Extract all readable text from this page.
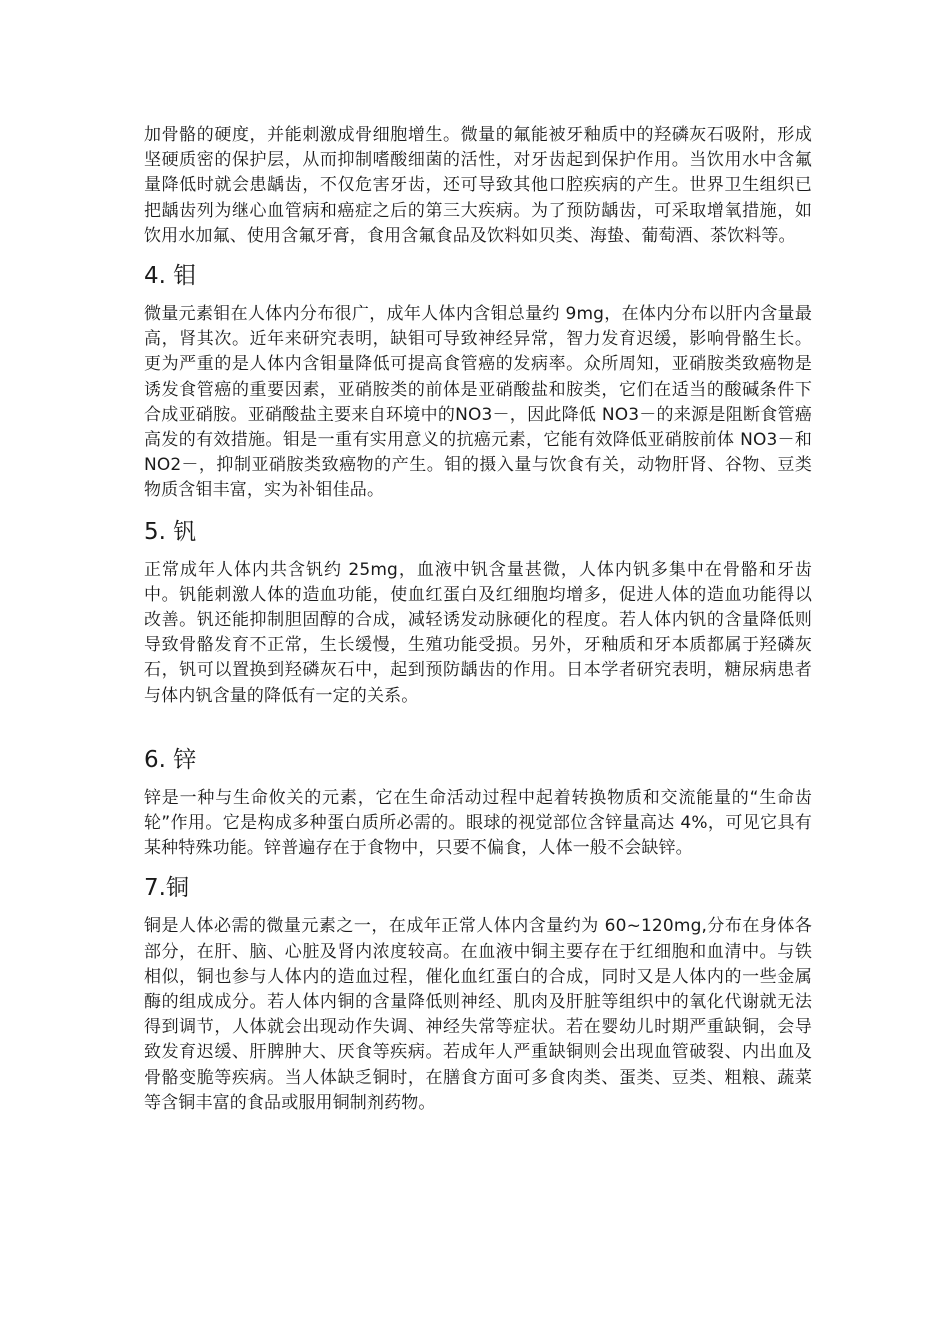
加骨骼的硬度，并能刺激成骨细胞增生。微量的氟能被牙釉质中的羟磷灰石吸附，形成坚硬质密的保护层，从而抑制嗜酸细菌的活性，对牙齿起到保护作用。当饮用水中含氟量降低时就会患龋齿，不仅危害牙齿，还可导致其他口腔疾病的产生。世界卫生组织已把龋齿列为继心血管病和癌症之后的第三大疾病。为了预防龋齿，可采取增氧措施，如饮用水加氟、使用含氟牙膏，食用含氟食品及饮料如贝类、海蛰、葡萄酒、茶饮料等。

4. 钼

微量元素钼在人体内分布很广，成年人体内含钼总量约 9mg，在体内分布以肝内含量最高，肾其次。近年来研究表明，缺钼可导致神经异常，智力发育迟缓，影响骨骼生长。更为严重的是人体内含钼量降低可提高食管癌的发病率。众所周知，亚硝胺类致癌物是诱发食管癌的重要因素，亚硝胺类的前体是亚硝酸盐和胺类，它们在适当的酸碱条件下合成亚硝胺。亚硝酸盐主要来自环境中的NO3－，因此降低 NO3－的来源是阻断食管癌高发的有效措施。钼是一重有实用意义的抗癌元素，它能有效降低亚硝胺前体 NO3－和 NO2－，抑制亚硝胺类致癌物的产生。钼的摄入量与饮食有关，动物肝肾、谷物、豆类物质含钼丰富，实为补钼佳品。

5. 钒

正常成年人体内共含钒约 25mg，血液中钒含量甚微，人体内钒多集中在骨骼和牙齿中。钒能刺激人体的造血功能，使血红蛋白及红细胞均增多，促进人体的造血功能得以改善。钒还能抑制胆固醇的合成，减轻诱发动脉硬化的程度。若人体内钒的含量降低则导致骨骼发育不正常，生长缓慢，生殖功能受损。另外，牙釉质和牙本质都属于羟磷灰石，钒可以置换到羟磷灰石中，起到预防龋齿的作用。日本学者研究表明，糖尿病患者与体内钒含量的降低有一定的关系。

6. 锌

锌是一种与生命攸关的元素，它在生命活动过程中起着转换物质和交流能量的“生命齿轮”作用。它是构成多种蛋白质所必需的。眼球的视觉部位含锌量高达 4%，可见它具有某种特殊功能。锌普遍存在于食物中，只要不偏食，人体一般不会缺锌。

7.铜

铜是人体必需的微量元素之一，在成年正常人体内含量约为 60~120mg,分布在身体各部分，在肝、脑、心脏及肾内浓度较高。在血液中铜主要存在于红细胞和血清中。与铁相似，铜也参与人体内的造血过程，催化血红蛋白的合成，同时又是人体内的一些金属酶的组成成分。若人体内铜的含量降低则神经、肌肉及肝脏等组织中的氧化代谢就无法得到调节，人体就会出现动作失调、神经失常等症状。若在婴幼儿时期严重缺铜，会导致发育迟缓、肝脾肿大、厌食等疾病。若成年人严重缺铜则会出现血管破裂、内出血及骨骼变脆等疾病。当人体缺乏铜时，在膳食方面可多食肉类、蛋类、豆类、粗粮、蔬菜等含铜丰富的食品或服用铜制剂药物。
